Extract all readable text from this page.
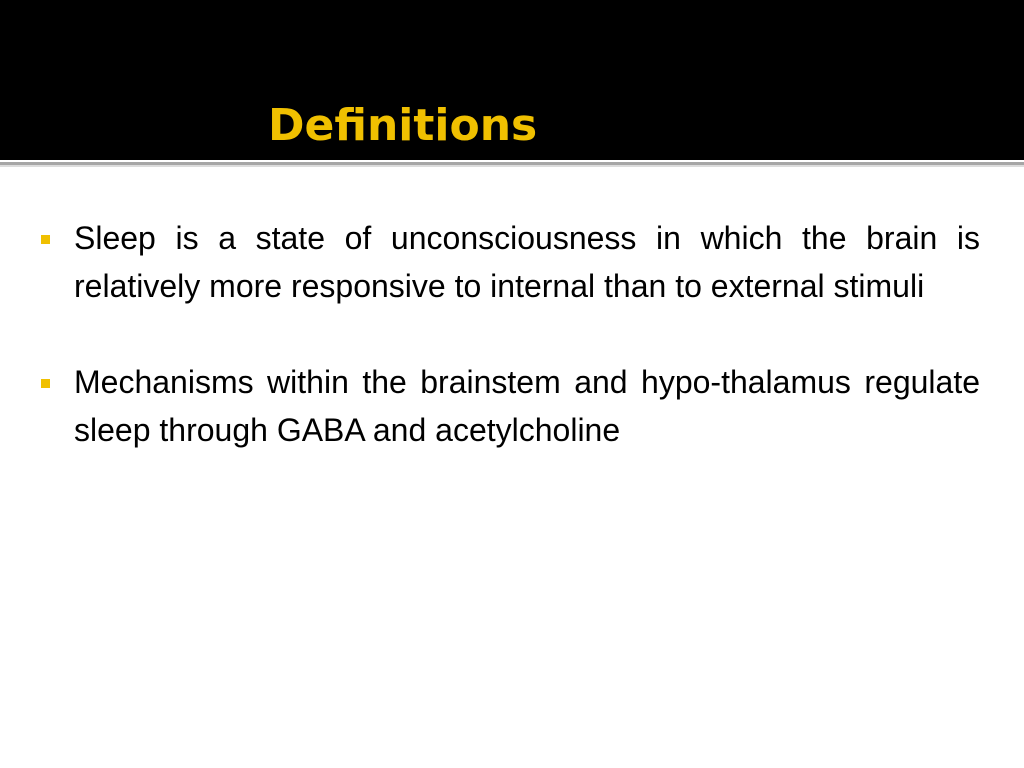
Definitions
Sleep is a state of unconsciousness in which the brain is relatively more responsive to internal than to external stimuli
Mechanisms within the brainstem and hypo-thalamus regulate sleep through GABA and acetylcholine
